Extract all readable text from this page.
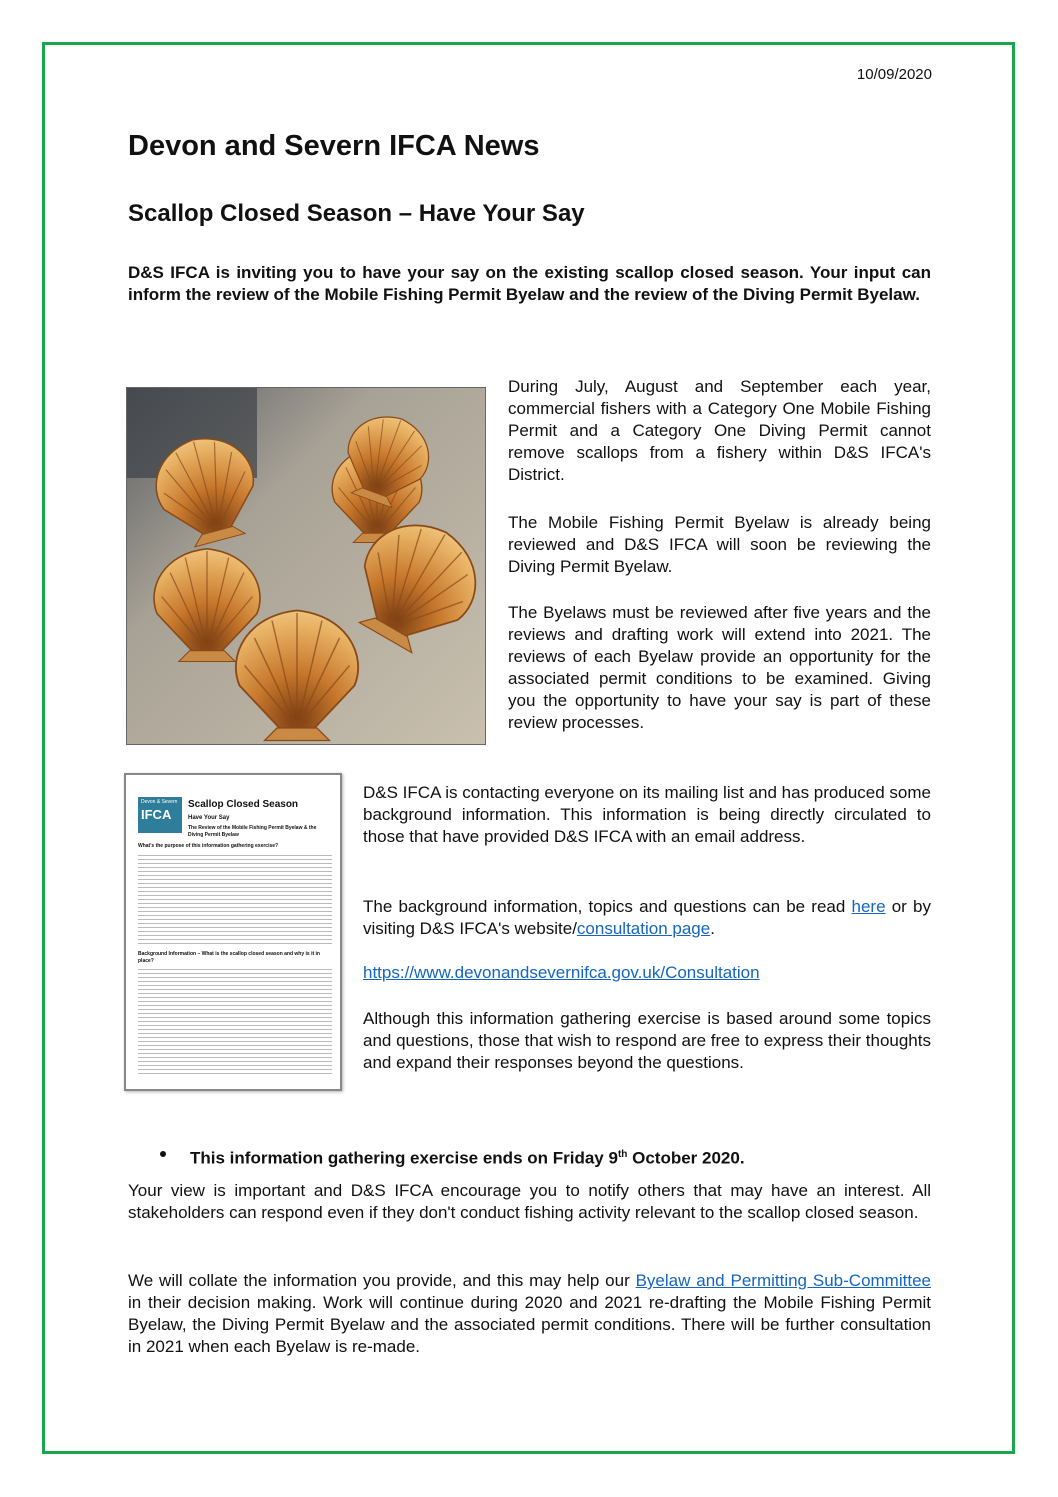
10/09/2020
Devon and Severn IFCA News
Scallop Closed Season – Have Your Say

D&S IFCA is inviting you to have your say on the existing scallop closed season. Your input can inform the review of the Mobile Fishing Permit Byelaw and the review of the Diving Permit Byelaw.

During July, August and September each year, commercial fishers with a Category One Mobile Fishing Permit and a Category One Diving Permit cannot remove scallops from a fishery within D&S IFCA's District.

The Mobile Fishing Permit Byelaw is already being reviewed and D&S IFCA will soon be reviewing the Diving Permit Byelaw.

The Byelaws must be reviewed after five years and the reviews and drafting work will extend into 2021. The reviews of each Byelaw provide an opportunity for the associated permit conditions to be examined. Giving you the opportunity to have your say is part of these review processes.

Devon & Severn
IFCA
Scallop Closed Season
Have Your Say
The Review of the Mobile Fishing Permit Byelaw & the Diving Permit Byelaw
What's the purpose of this information gathering exercise?
Background Information – What is the scallop closed season and why is it in place?

D&S IFCA is contacting everyone on its mailing list and has produced some background information. This information is being directly circulated to those that have provided D&S IFCA with an email address.

The background information, topics and questions can be read here or by visiting D&S IFCA's website/consultation page.

https://www.devonandsevernifca.gov.uk/Consultation

Although this information gathering exercise is based around some topics and questions, those that wish to respond are free to express their thoughts and expand their responses beyond the questions.

This information gathering exercise ends on Friday 9th October 2020.

Your view is important and D&S IFCA encourage you to notify others that may have an interest. All stakeholders can respond even if they don't conduct fishing activity relevant to the scallop closed season.

We will collate the information you provide, and this may help our Byelaw and Permitting Sub-Committee in their decision making. Work will continue during 2020 and 2021 re-drafting the Mobile Fishing Permit Byelaw, the Diving Permit Byelaw and the associated permit conditions. There will be further consultation in 2021 when each Byelaw is re-made.
